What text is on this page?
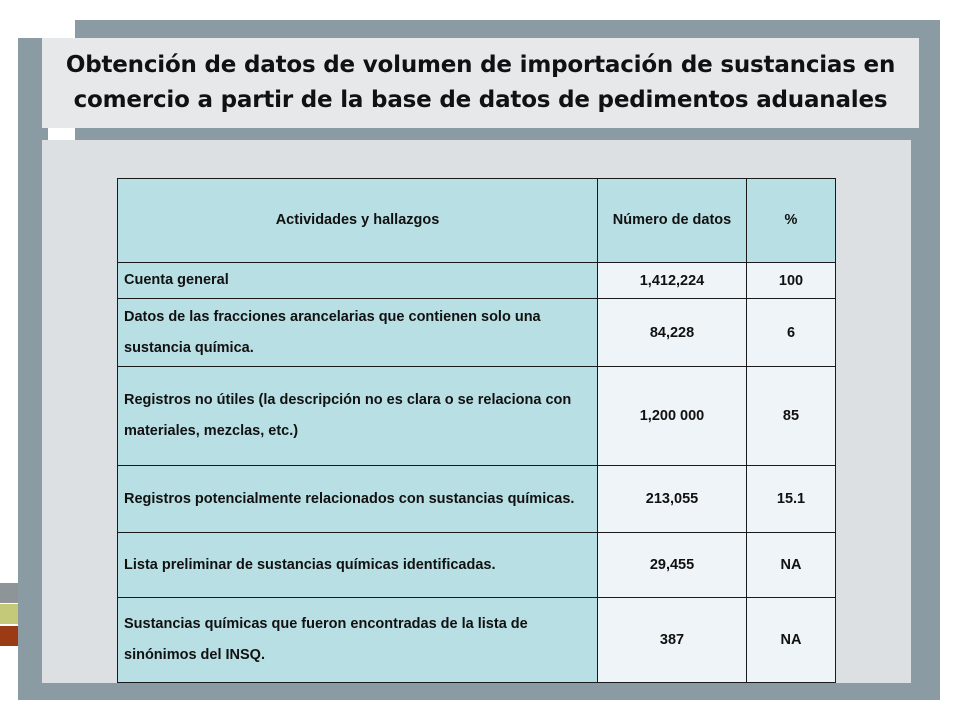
Obtención de datos de volumen de importación de sustancias en
comercio a partir de la base de datos de pedimentos aduanales
Actividades y hallazgos	Número de datos	%
Cuenta general	1,412,224	100
Datos de las fracciones arancelarias que contienen solo una sustancia química.	84,228	6
Registros no útiles (la descripción no es clara o se relaciona con materiales, mezclas, etc.)	1,200 000	85
Registros potencialmente relacionados con sustancias químicas.	213,055	15.1
Lista preliminar de sustancias químicas identificadas.	29,455	NA
Sustancias químicas que fueron encontradas de la lista de sinónimos del INSQ.	387	NA
